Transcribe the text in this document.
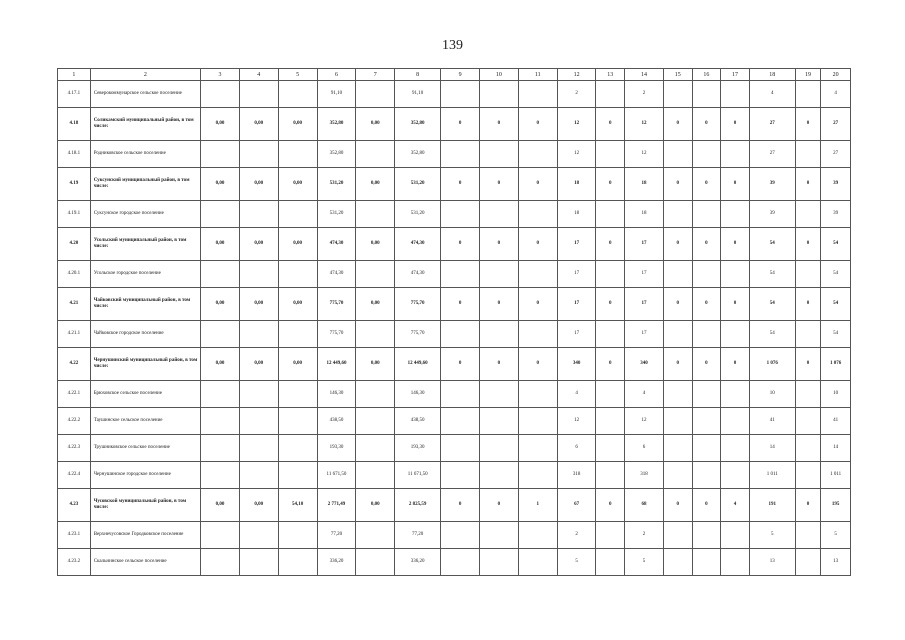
139
1	2	3	4	5	6	7	8	9	10	11	12	13	14	15	16	17	18	19	20
4.17.1	Северокоммунарское сельское поселение				91,10		91,10				2		2				4		4
4.18	Соликамский муниципальный район, в том числе:	0,00	0,00	0,00	352,80	0,00	352,80	0	0	0	12	0	12	0	0	0	27	0	27
4.18.1	Родниковское сельское поселение				352,80		352,80				12		12				27		27
4.19	Суксунский муниципальный район, в том числе:	0,00	0,00	0,00	531,20	0,00	531,20	0	0	0	18	0	18	0	0	0	39	0	39
4.19.1	Суксунское городское поселение				531,20		531,20				18		18				39		39
4.20	Усольский муниципальный район, в том числе:	0,00	0,00	0,00	474,30	0,00	474,30	0	0	0	17	0	17	0	0	0	54	0	54
4.20.1	Усольское городское поселение				474,30		474,30				17		17				54		54
4.21	Чайковский муниципальный район, в том числе:	0,00	0,00	0,00	775,70	0,00	775,70	0	0	0	17	0	17	0	0	0	54	0	54
4.21.1	Чайковское городское поселение				775,70		775,70				17		17				54		54
4.22	Чернушинский муниципальный район, в том числе:	0,00	0,00	0,00	12 449,60	0,00	12 449,60	0	0	0	340	0	340	0	0	0	1 076	0	1 076
4.22.1	Брюховское сельское поселение				146,30		146,30				4		4				10		10
4.22.2	Таушинское сельское поселение				438,50		438,50				12		12				41		41
4.22.3	Трушниковское сельское поселение				193,30		193,30				6		6				14		14
4.22.4	Чернушинское городское поселение				11 671,50		11 671,50				318		318				1 011		1 011
4.23	Чусовской муниципальный район, в том числе:	0,00	0,00	54,10	2 771,49	0,00	2 825,59	0	0	1	67	0	68	0	0	4	191	0	195
4.23.1	Верхнечусовское Городковское поселение				77,20		77,20				2		2				5		5
4.23.2	Скальнинское сельское поселение				336,20		336,20				5		5				13		13
